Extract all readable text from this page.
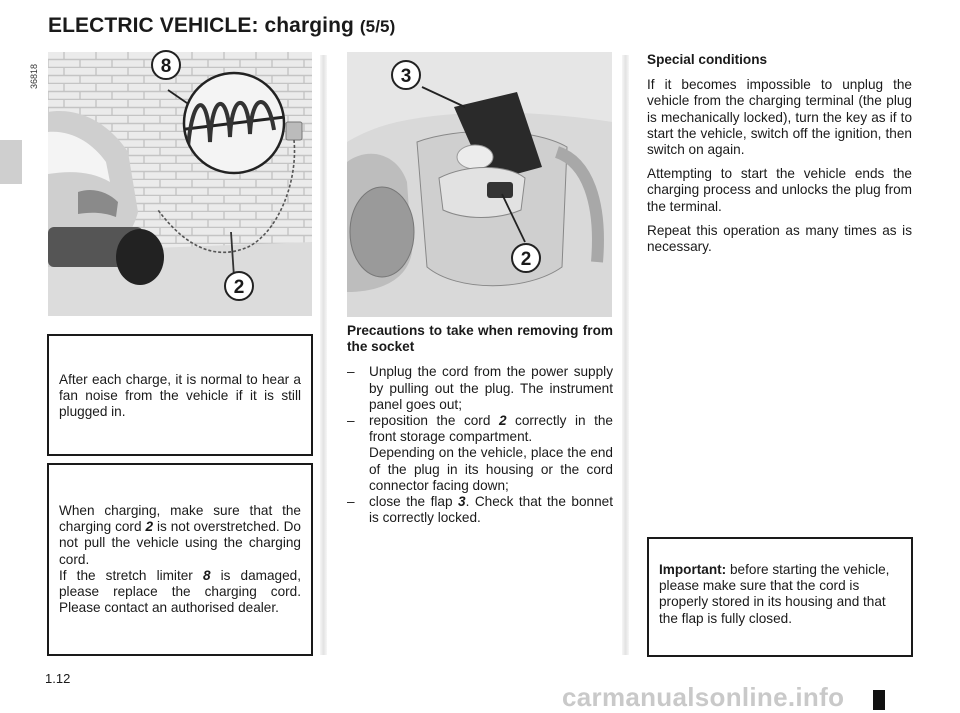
ELECTRIC VEHICLE: charging (5/5)
36818	8
2
3
2

After each charge, it is normal to hear a fan noise from the vehicle if it is still plugged in.

When charging, make sure that the charging cord 2 is not overstretched. Do not pull the vehicle using the charging cord.

If the stretch limiter 8 is damaged, please replace the charging cord. Please contact an authorised dealer.

Precautions to take when removing from the socket
– Unplug the cord from the power supply by pulling out the plug. The instrument panel goes out;
– reposition the cord 2 correctly in the front storage compartment.
Depending on the vehicle, place the end of the plug in its housing or the cord connector facing down;
– close the flap 3. Check that the bonnet is correctly locked.
Special conditions

If it becomes impossible to unplug the vehicle from the charging terminal (the plug is mechanically locked), turn the key as if to start the vehicle, switch off the ignition, then switch on again.

Attempting to start the vehicle ends the charging process and unlocks the plug from the terminal.

Repeat this operation as many times as is necessary.

Important: before starting the vehicle, please make sure that the cord is properly stored in its housing and that the flap is fully closed.

1.12
carmanualsonline.info
